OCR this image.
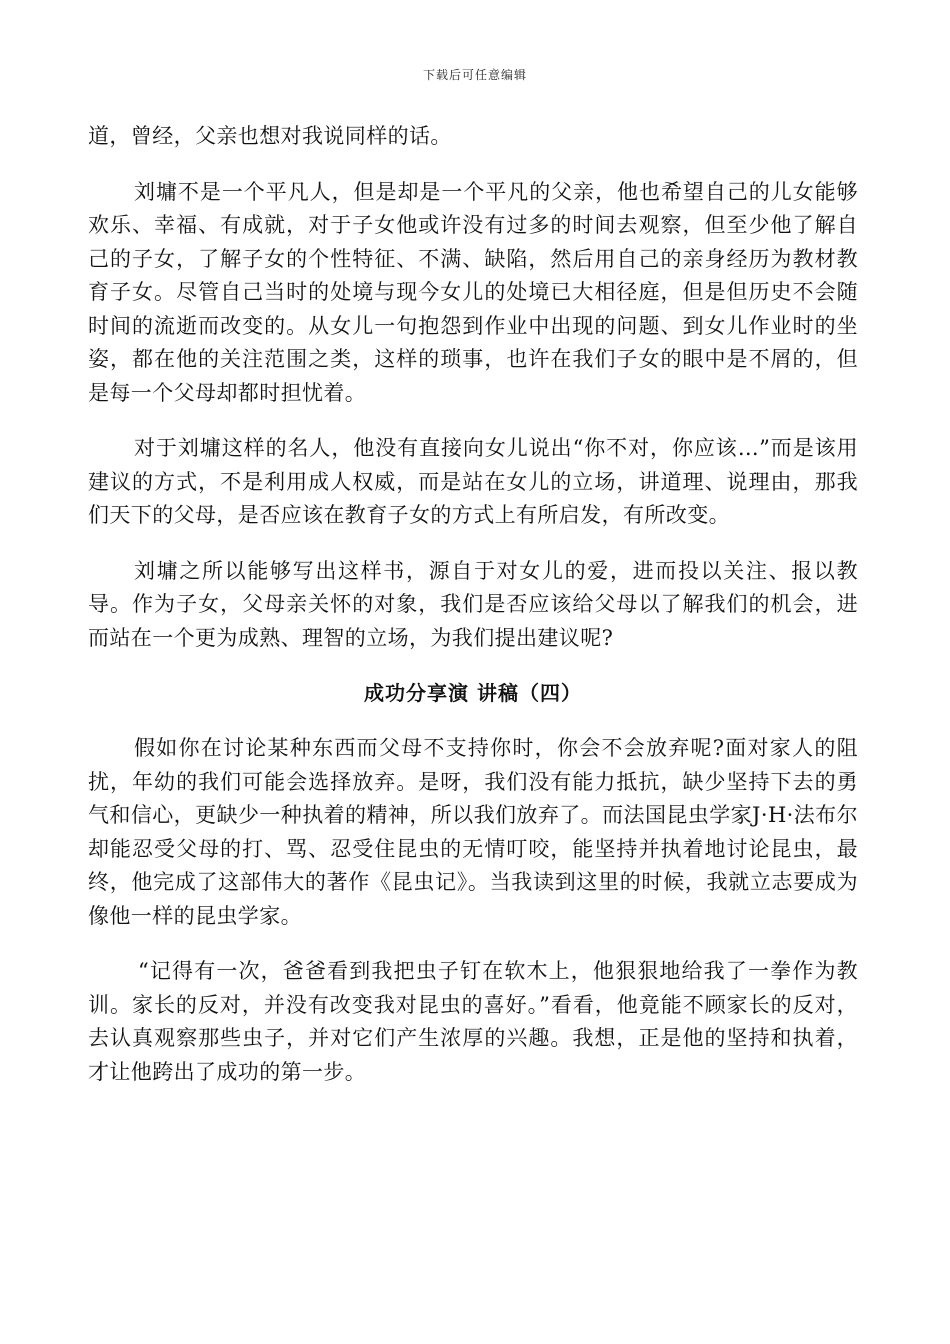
下载后可任意编辑

道，曾经，父亲也想对我说同样的话。

刘墉不是一个平凡人，但是却是一个平凡的父亲，他也希望自己的儿女能够欢乐、幸福、有成就，对于子女他或许没有过多的时间去观察，但至少他了解自己的子女，了解子女的个性特征、不满、缺陷，然后用自己的亲身经历为教材教育子女。尽管自己当时的处境与现今女儿的处境已大相径庭，但是但历史不会随时间的流逝而改变的。从女儿一句抱怨到作业中出现的问题、到女儿作业时的坐姿，都在他的关注范围之类，这样的琐事，也许在我们子女的眼中是不屑的，但是每一个父母却都时担忧着。

对于刘墉这样的名人，他没有直接向女儿说出“你不对，你应该…”而是该用建议的方式，不是利用成人权威，而是站在女儿的立场，讲道理、说理由，那我们天下的父母，是否应该在教育子女的方式上有所启发，有所改变。

刘墉之所以能够写出这样书，源自于对女儿的爱，进而投以关注、报以教导。作为子女，父母亲关怀的对象，我们是否应该给父母以了解我们的机会，进而站在一个更为成熟、理智的立场，为我们提出建议呢?

成功分享演 讲稿（四）

假如你在讨论某种东西而父母不支持你时，你会不会放弃呢?面对家人的阻扰，年幼的我们可能会选择放弃。是呀，我们没有能力抵抗，缺少坚持下去的勇气和信心，更缺少一种执着的精神，所以我们放弃了。而法国昆虫学家J·H·法布尔却能忍受父母的打、骂、忍受住昆虫的无情叮咬，能坚持并执着地讨论昆虫，最终，他完成了这部伟大的著作《昆虫记》。当我读到这里的时候，我就立志要成为像他一样的昆虫学家。

“记得有一次，爸爸看到我把虫子钉在软木上，他狠狠地给我了一拳作为教训。家长的反对，并没有改变我对昆虫的喜好。”看看，他竟能不顾家长的反对，去认真观察那些虫子，并对它们产生浓厚的兴趣。我想，正是他的坚持和执着，才让他跨出了成功的第一步。
